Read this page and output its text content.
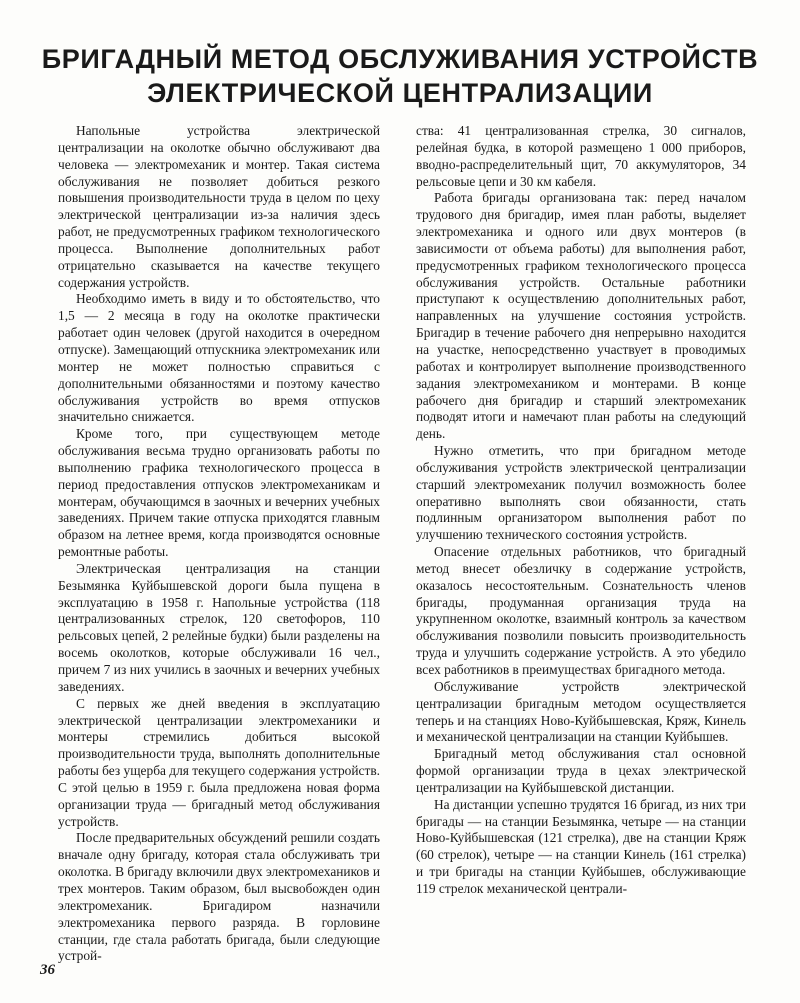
БРИГАДНЫЙ МЕТОД ОБСЛУЖИВАНИЯ УСТРОЙСТВ
ЭЛЕКТРИЧЕСКОЙ ЦЕНТРАЛИЗАЦИИ

Напольные устройства электрической централизации на околотке обычно обслуживают два человека — электромеханик и монтер. Такая система обслуживания не позволяет добиться резкого повышения производительности труда в целом по цеху электрической централизации из-за наличия здесь работ, не предусмотренных графиком технологического процесса. Выполнение дополнительных работ отрицательно сказывается на качестве текущего содержания устройств.

Необходимо иметь в виду и то обстоятельство, что 1,5 — 2 месяца в году на околотке практически работает один человек (другой находится в очередном отпуске). Замещающий отпускника электромеханик или монтер не может полностью справиться с дополнительными обязанностями и поэтому качество обслуживания устройств во время отпусков значительно снижается.

Кроме того, при существующем методе обслуживания весьма трудно организовать работы по выполнению графика технологического процесса в период предоставления отпусков электромеханикам и монтерам, обучающимся в заочных и вечерних учебных заведениях. Причем такие отпуска приходятся главным образом на летнее время, когда производятся основные ремонтные работы.

Электрическая централизация на станции Безымянка Куйбышевской дороги была пущена в эксплуатацию в 1958 г. Напольные устройства (118 централизованных стрелок, 120 светофоров, 110 рельсовых цепей, 2 релейные будки) были разделены на восемь околотков, которые обслуживали 16 чел., причем 7 из них учились в заочных и вечерних учебных заведениях.

С первых же дней введения в эксплуатацию электрической централизации электромеханики и монтеры стремились добиться высокой производительности труда, выполнять дополнительные работы без ущерба для текущего содержания устройств. С этой целью в 1959 г. была предложена новая форма организации труда — бригадный метод обслуживания устройств.

После предварительных обсуждений решили создать вначале одну бригаду, которая стала обслуживать три околотка. В бригаду включили двух электромехаников и трех монтеров. Таким образом, был высвобожден один электромеханик. Бригадиром назначили электромеханика первого разряда. В горловине станции, где стала работать бригада, были следующие устрой-

ства: 41 централизованная стрелка, 30 сигналов, релейная будка, в которой размещено 1 000 приборов, вводно-распределительный щит, 70 аккумуляторов, 34 рельсовые цепи и 30 км кабеля.

Работа бригады организована так: перед началом трудового дня бригадир, имея план работы, выделяет электромеханика и одного или двух монтеров (в зависимости от объема работы) для выполнения работ, предусмотренных графиком технологического процесса обслуживания устройств. Остальные работники приступают к осуществлению дополнительных работ, направленных на улучшение состояния устройств. Бригадир в течение рабочего дня непрерывно находится на участке, непосредственно участвует в проводимых работах и контролирует выполнение производственного задания электромехаником и монтерами. В конце рабочего дня бригадир и старший электромеханик подводят итоги и намечают план работы на следующий день.

Нужно отметить, что при бригадном методе обслуживания устройств электрической централизации старший электромеханик получил возможность более оперативно выполнять свои обязанности, стать подлинным организатором выполнения работ по улучшению технического состояния устройств.

Опасение отдельных работников, что бригадный метод внесет обезличку в содержание устройств, оказалось несостоятельным. Сознательность членов бригады, продуманная организация труда на укрупненном околотке, взаимный контроль за качеством обслуживания позволили повысить производительность труда и улучшить содержание устройств. А это убедило всех работников в преимуществах бригадного метода.

Обслуживание устройств электрической централизации бригадным методом осуществляется теперь и на станциях Ново-Куйбышевская, Кряж, Кинель и механической централизации на станции Куйбышев.

Бригадный метод обслуживания стал основной формой организации труда в цехах электрической централизации на Куйбышевской дистанции.

На дистанции успешно трудятся 16 бригад, из них три бригады — на станции Безымянка, четыре — на станции Ново-Куйбышевская (121 стрелка), две на станции Кряж (60 стрелок), четыре — на станции Кинель (161 стрелка) и три бригады на станции Куйбышев, обслуживающие 119 стрелок механической централи-

36
